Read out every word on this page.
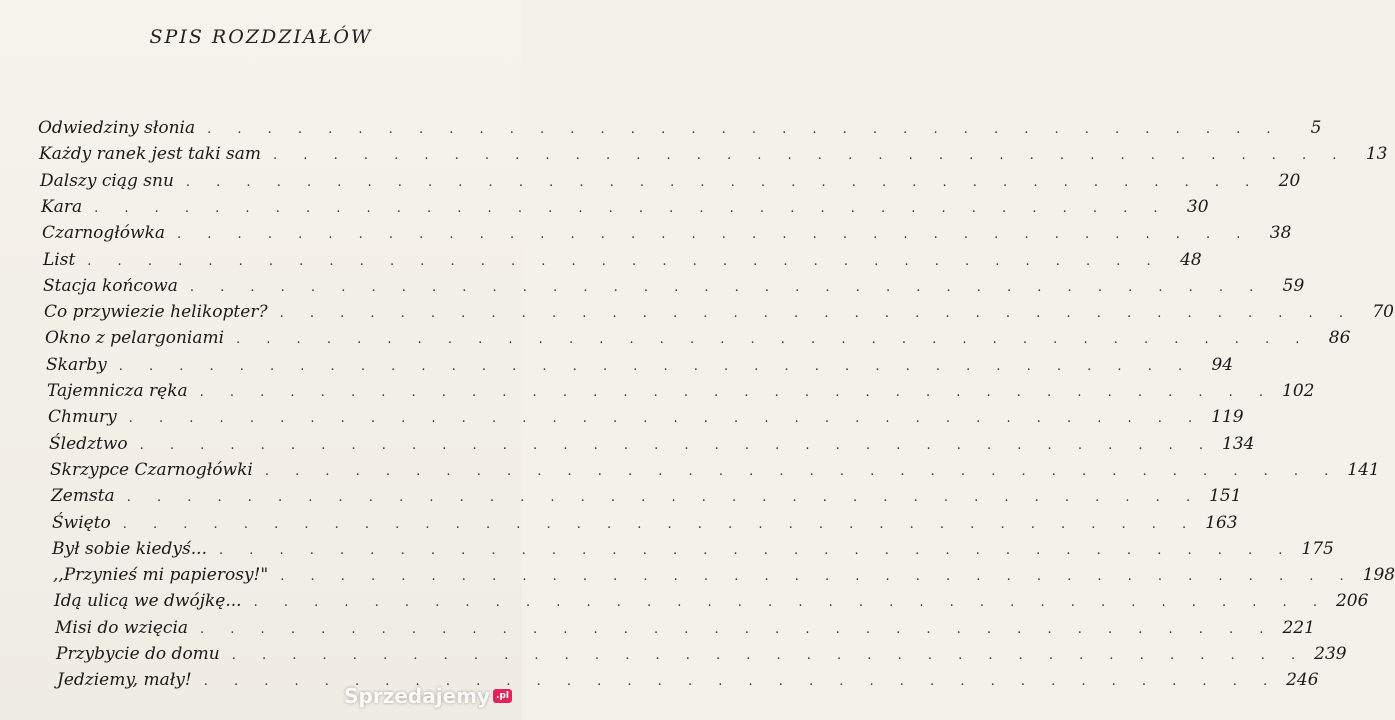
SPIS ROZDZIAŁÓW
Odwiedziny słonia . . . . . . . . . . . . . . . . . . . . . . . . . . . . . . . . . . . .	5
Każdy ranek jest taki sam . . . . . . . . . . . . . . . . . . . . . . . . . . . . . . . . . . . .	13
Dalszy ciąg snu . . . . . . . . . . . . . . . . . . . . . . . . . . . . . . . . . . . .	20
Kara . . . . . . . . . . . . . . . . . . . . . . . . . . . . . . . . . . . .	30
Czarnogłówka . . . . . . . . . . . . . . . . . . . . . . . . . . . . . . . . . . . .	38
List . . . . . . . . . . . . . . . . . . . . . . . . . . . . . . . . . . . .	48
Stacja końcowa . . . . . . . . . . . . . . . . . . . . . . . . . . . . . . . . . . . .	59
Co przywiezie helikopter? . . . . . . . . . . . . . . . . . . . . . . . . . . . . . . . . . . . .	70
Okno z pelargoniami . . . . . . . . . . . . . . . . . . . . . . . . . . . . . . . . . . . .	86
Skarby . . . . . . . . . . . . . . . . . . . . . . . . . . . . . . . . . . . .	94
Tajemnicza ręka . . . . . . . . . . . . . . . . . . . . . . . . . . . . . . . . . . . . 102
Chmury . . . . . . . . . . . . . . . . . . . . . . . . . . . . . . . . . . . . 119
Śledztwo . . . . . . . . . . . . . . . . . . . . . . . . . . . . . . . . . . . . 134
Skrzypce Czarnogłówki . . . . . . . . . . . . . . . . . . . . . . . . . . . . . . . . . . . . 141
Zemsta . . . . . . . . . . . . . . . . . . . . . . . . . . . . . . . . . . . . 151
Święto . . . . . . . . . . . . . . . . . . . . . . . . . . . . . . . . . . . . 163
Był sobie kiedyś... . . . . . . . . . . . . . . . . . . . . . . . . . . . . . . . . . . . . 175
,,Przynieś mi papierosy!" . . . . . . . . . . . . . . . . . . . . . . . . . . . . . . . . . . . . 198
Idą ulicą we dwójkę... . . . . . . . . . . . . . . . . . . . . . . . . . . . . . . . . . . . . 206
Misi do wzięcia . . . . . . . . . . . . . . . . . . . . . . . . . . . . . . . . . . . . 221
Przybycie do domu . . . . . . . . . . . . . . . . . . . . . . . . . . . . . . . . . . . . 239
Jedziemy, mały! . . . . . . . . . . . . . . . . . . . . . . . . . . . . . . . . . . . . 246
Sprzedajemy .pl
